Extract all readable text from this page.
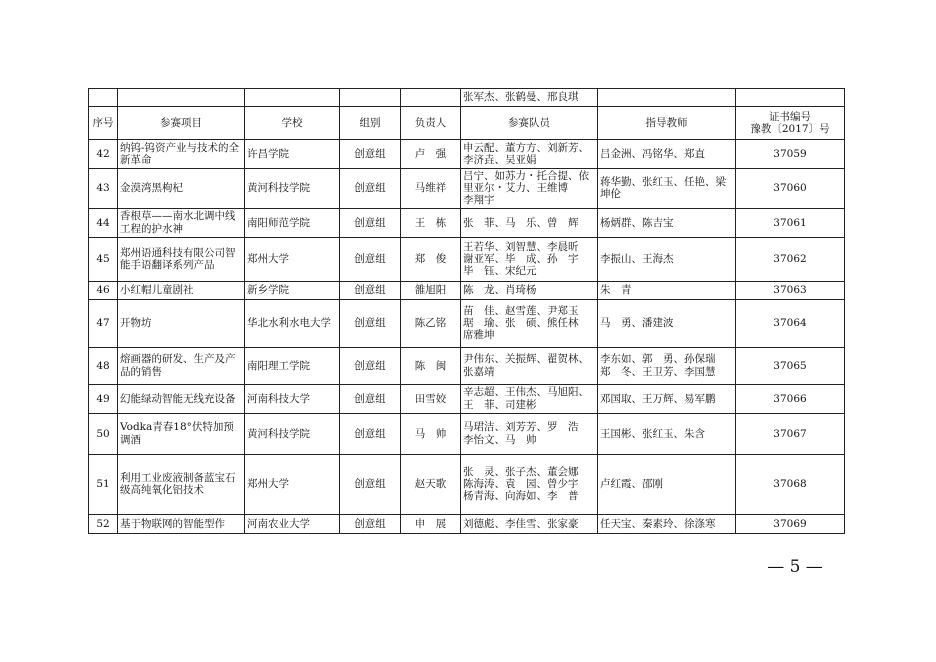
					张军杰、张鹤曼、邢良琪		
序号	参赛项目	学校	组别	负责人	参赛队员	指导教师	证书编号
豫教〔2017〕号
42	纳钨-钨资产业与技术的全新革命	许昌学院	创意组	卢　强	申云配、董方方、刘新芳、
李济垚、吴亚娟	吕金洲、冯铭华、郑直	37059
43	金漠湾黑枸杞	黄河科技学院	创意组	马维祥	吕宁、如苏力・托合提、依里亚尔・艾力、王维博
李翔宇	蒋华勤、张红玉、任艳、梁坤伦	37060
44	香根草——南水北调中线工程的护水神	南阳师范学院	创意组	王　栋	张　菲、马　乐、曾　辉	杨炳群、陈吉宝	37061
45	郑州语通科技有限公司智能手语翻译系列产品	郑州大学	创意组	郑　俊	王若华、刘智慧、李晨昕
谢亚军、毕　成、孙　宇
毕　钰、宋纪元	李振山、王海杰	37062
46	小红帽儿童剧社	新乡学院	创意组	雒旭阳	陈　龙、肖琦杨	朱　青	37063
47	开物坊	华北水利水电大学	创意组	陈乙铭	苗　佳、赵雪莲、尹郑玉
琚　瑜、张　硕、熊任林
席雅坤	马　勇、潘建波	37064
48	熔画器的研发、生产及产品的销售	南阳理工学院	创意组	陈　闽	尹伟东、关振辉、翟贺林、
张嘉靖	李东如、郭　勇、孙保瑞
郑　冬、王卫芳、李国慧	37065
49	幻能绿动智能无线充设备	河南科技大学	创意组	田雪姣	辛志超、王伟杰、马旭阳、
王　菲、司建彬	邓国取、王万辉、易军鹏	37066
50	Vodka青春18°伏特加预调酒	黄河科技学院	创意组	马　帅	马珺洁、刘芳芳、罗　浩
李怡文、马　帅	王国彬、张红玉、朱含	37067
51	利用工业废液制备蓝宝石级高纯氧化铝技术	郑州大学	创意组	赵天歌	张　灵、张子杰、董会娜
陈海涛、袁　园、曾少宇
杨青海、向海如、李　普	卢红霞、邵刚	37068
52	基于物联网的智能型作	河南农业大学	创意组	申　展	刘德彪、李佳雪、张家豪	任天宝、秦素玲、徐涤寒	37069
— 5 —
